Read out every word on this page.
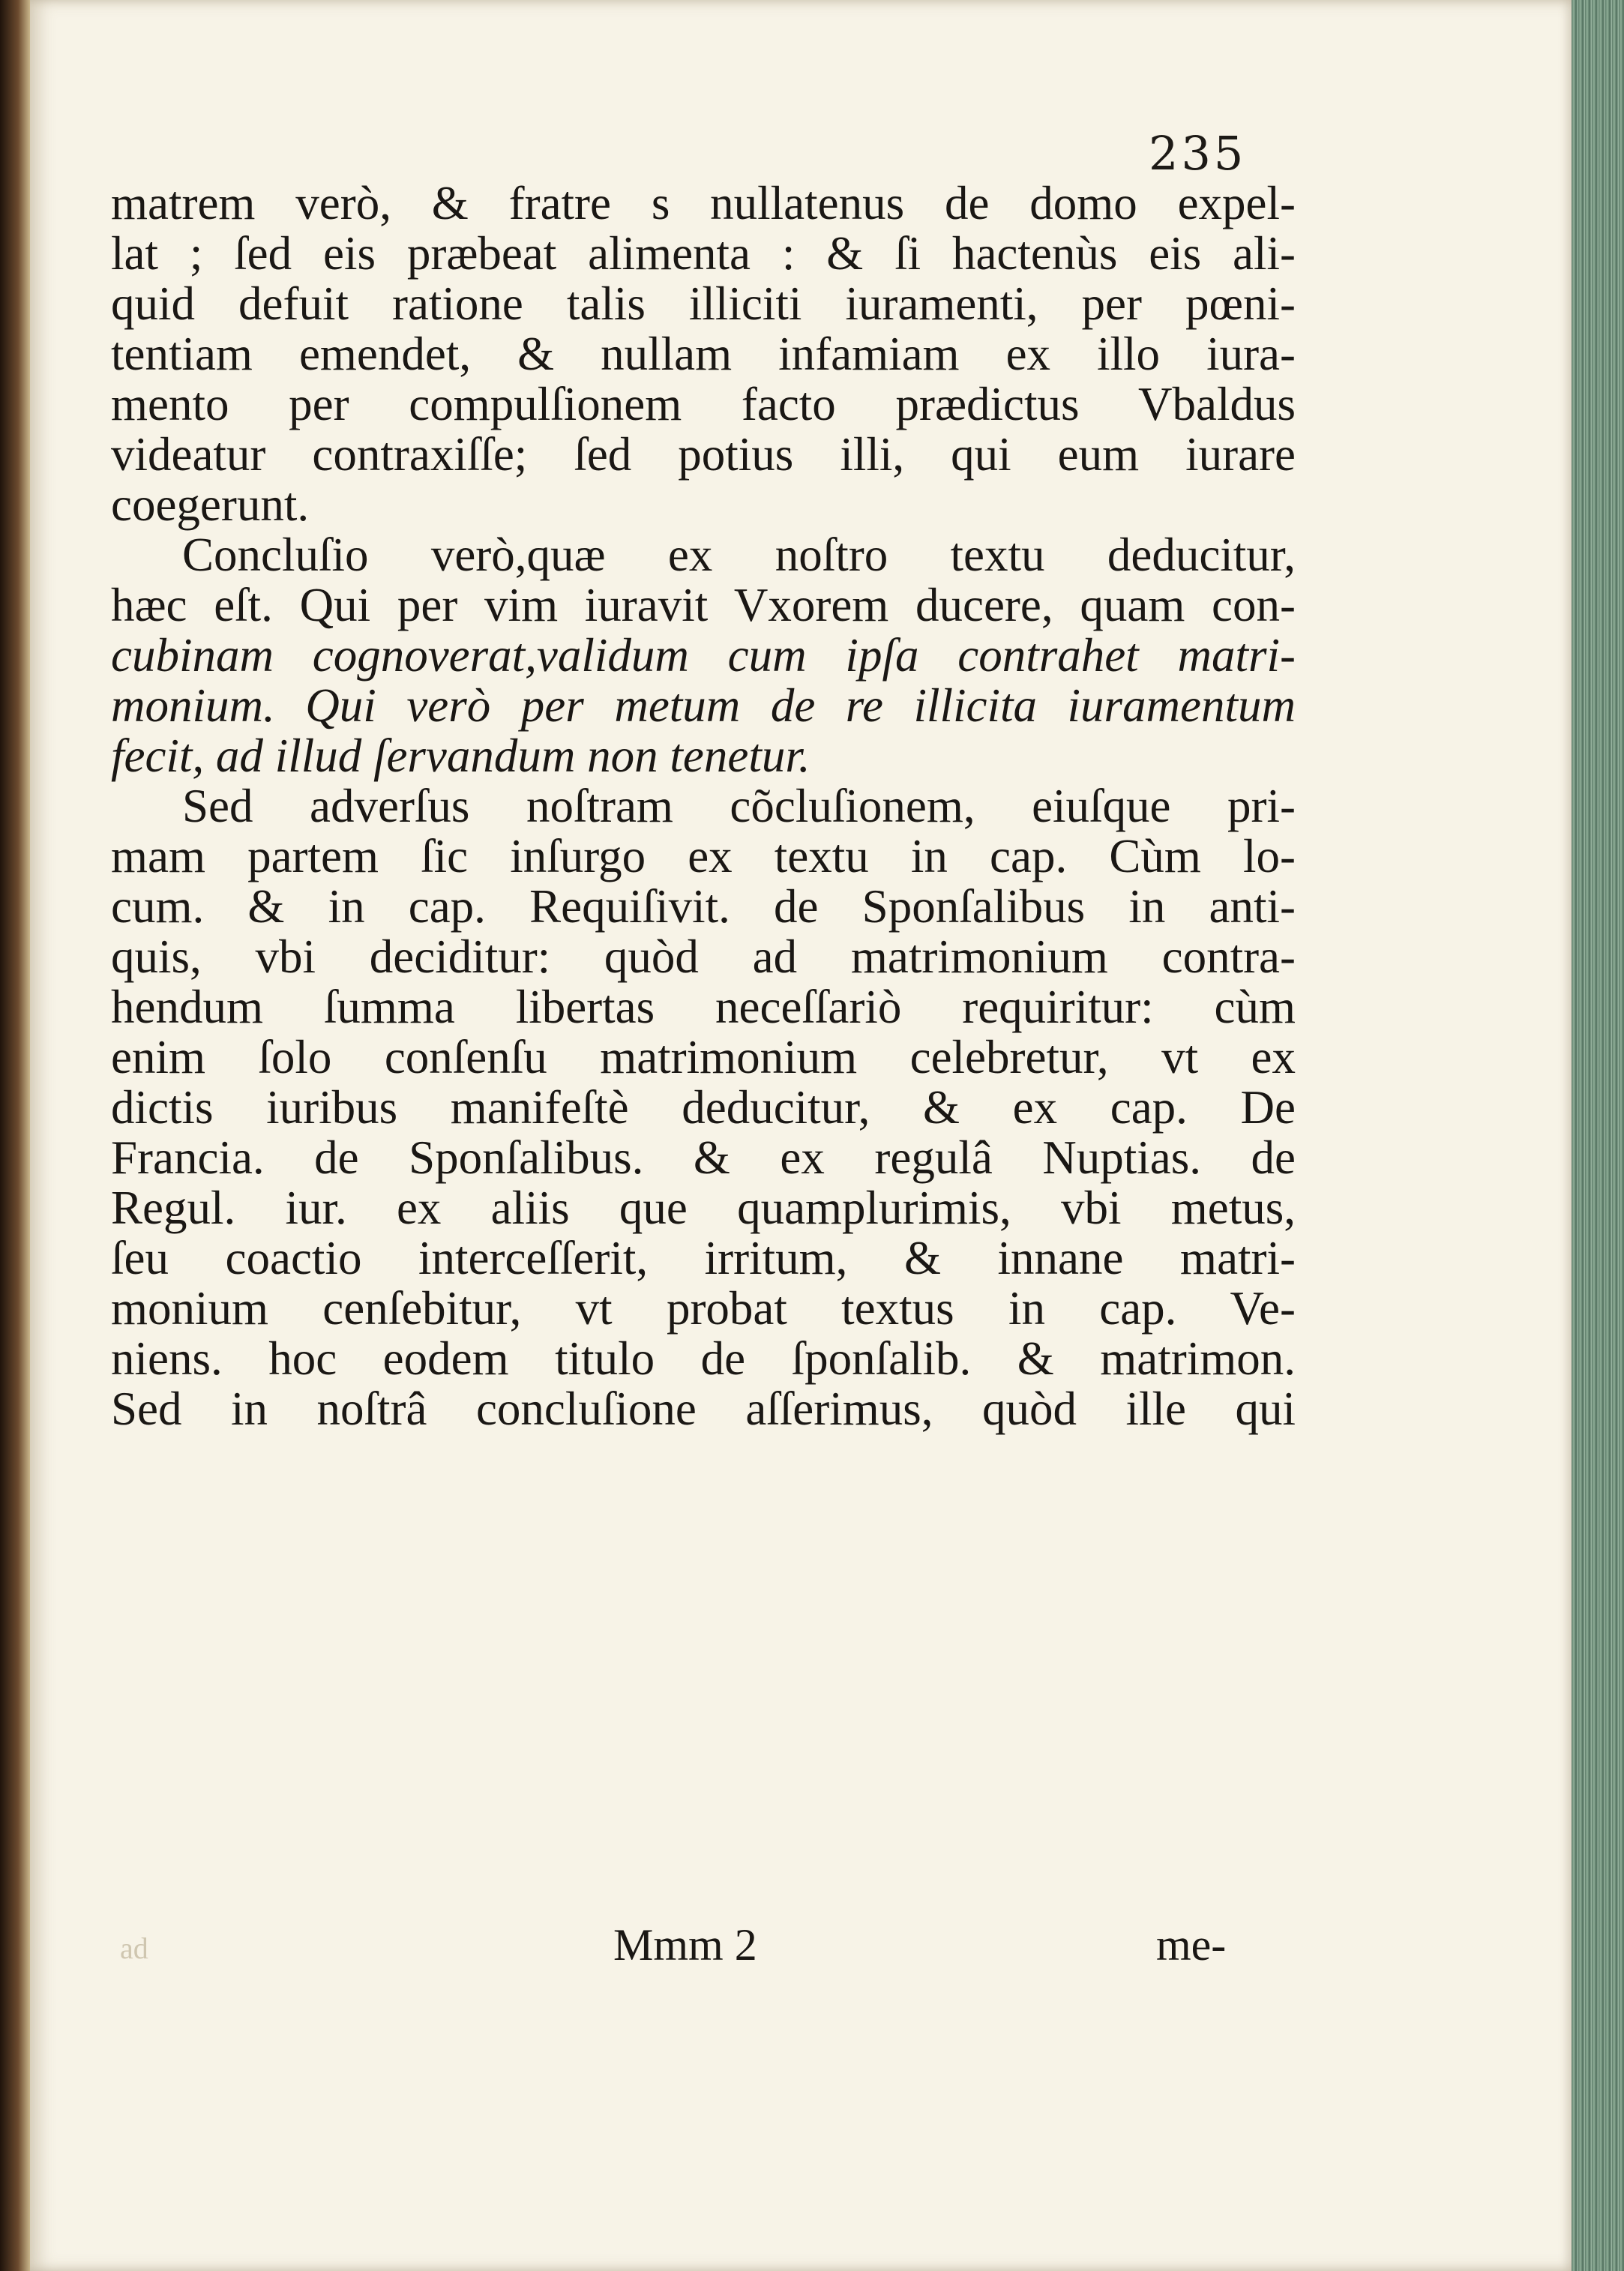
235

matrem verò, & fratre s nullatenus de domo expel-
lat ; ſed eis præbeat alimenta : & ſi hactenùs eis ali-
quid defuit ratione talis illiciti iuramenti, per pœni-
tentiam emendet, & nullam infamiam ex illo iura-
mento per compulſionem facto prædictus Vbaldus
videatur contraxiſſe; ſed potius illi, qui eum iurare
coegerunt.
Concluſio verò,quæ ex noſtro textu deducitur,
hæc eſt. Qui per vim iuravit Vxorem ducere, quam con-
cubinam cognoverat,validum cum ipſa contrahet matri-
monium. Qui verò per metum de re illicita iuramentum
fecit, ad illud ſervandum non tenetur.
Sed adverſus noſtram cõcluſionem, eiuſque pri-
mam partem ſic inſurgo ex textu in cap. Cùm lo-
cum. & in cap. Requiſivit. de Sponſalibus in anti-
quis, vbi deciditur: quòd ad matrimonium contra-
hendum ſumma libertas neceſſariò requiritur: cùm
enim ſolo conſenſu matrimonium celebretur, vt ex
dictis iuribus manifeſtè deducitur, & ex cap. De
Francia. de Sponſalibus. & ex regulâ Nuptias. de
Regul. iur. ex aliis que quamplurimis, vbi metus,
ſeu coactio interceſſerit, irritum, & innane matri-
monium cenſebitur, vt probat textus in cap. Ve-
niens. hoc eodem titulo de ſponſalib. & matrimon.
Sed in noſtrâ concluſione aſſerimus, quòd ille qui

ad	Mmm 2	me-
